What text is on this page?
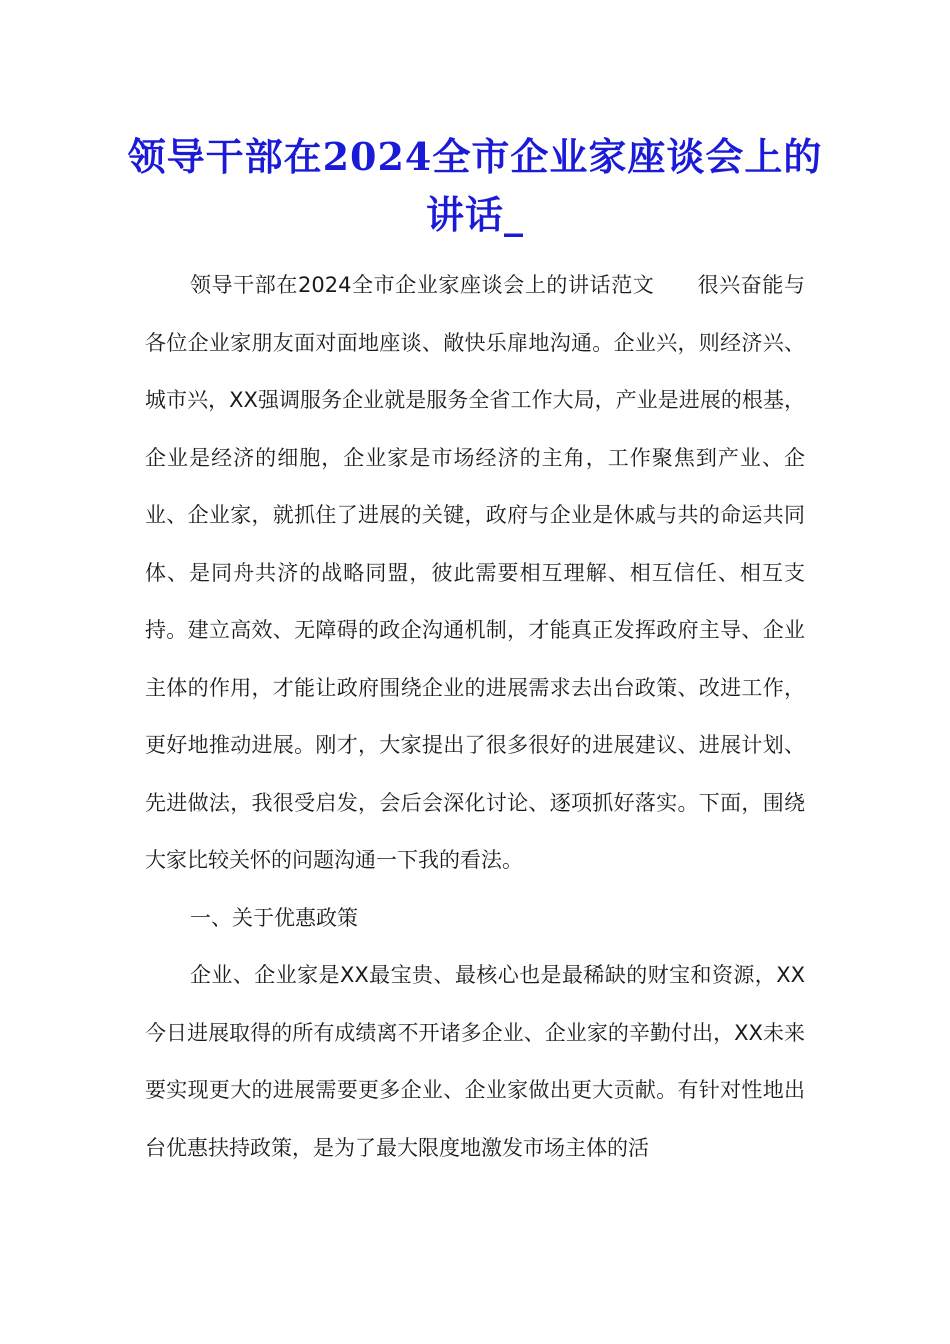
领导干部在2024全市企业家座谈会上的讲话_

领导干部在2024全市企业家座谈会上的讲话范文　　很兴奋能与各位企业家朋友面对面地座谈、敞快乐扉地沟通。企业兴，则经济兴、城市兴，XX强调服务企业就是服务全省工作大局，产业是进展的根基，企业是经济的细胞，企业家是市场经济的主角，工作聚焦到产业、企业、企业家，就抓住了进展的关键，政府与企业是休戚与共的命运共同体、是同舟共济的战略同盟，彼此需要相互理解、相互信任、相互支持。建立高效、无障碍的政企沟通机制，才能真正发挥政府主导、企业主体的作用，才能让政府围绕企业的进展需求去出台政策、改进工作，更好地推动进展。刚才，大家提出了很多很好的进展建议、进展计划、先进做法，我很受启发，会后会深化讨论、逐项抓好落实。下面，围绕大家比较关怀的问题沟通一下我的看法。

一、关于优惠政策

企业、企业家是XX最宝贵、最核心也是最稀缺的财宝和资源，XX今日进展取得的所有成绩离不开诸多企业、企业家的辛勤付出，XX未来要实现更大的进展需要更多企业、企业家做出更大贡献。有针对性地出台优惠扶持政策，是为了最大限度地激发市场主体的活
